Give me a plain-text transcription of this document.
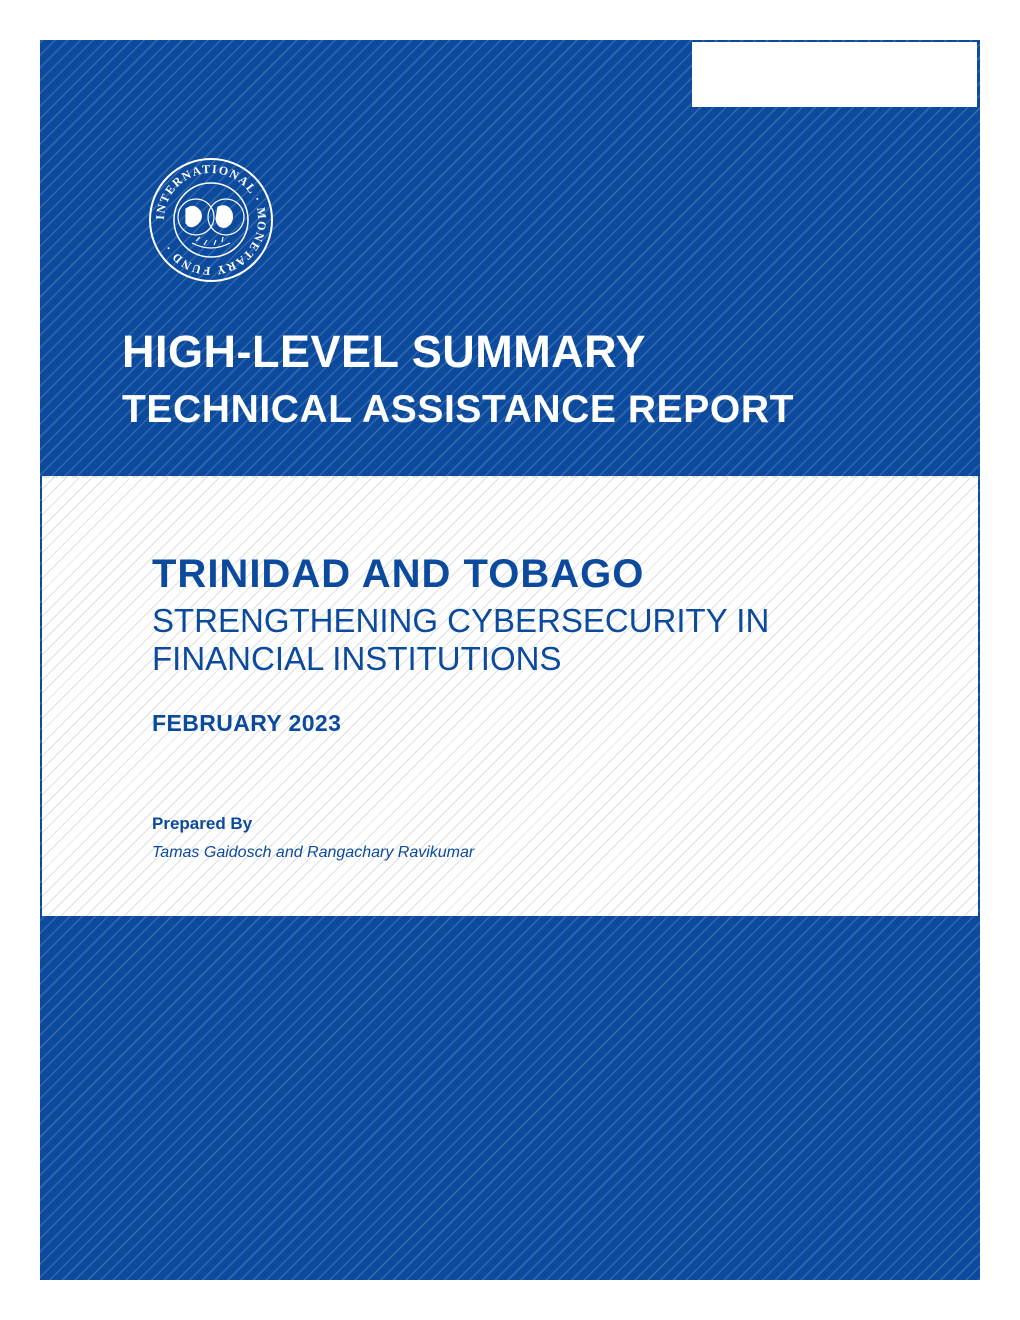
INTERNATIONAL · MONETARY FUND ·
HIGH-LEVEL SUMMARY
TECHNICAL ASSISTANCE REPORT
TRINIDAD AND TOBAGO

STRENGTHENING CYBERSECURITY IN FINANCIAL INSTITUTIONS

FEBRUARY 2023

Prepared By

Tamas Gaidosch and Rangachary Ravikumar
